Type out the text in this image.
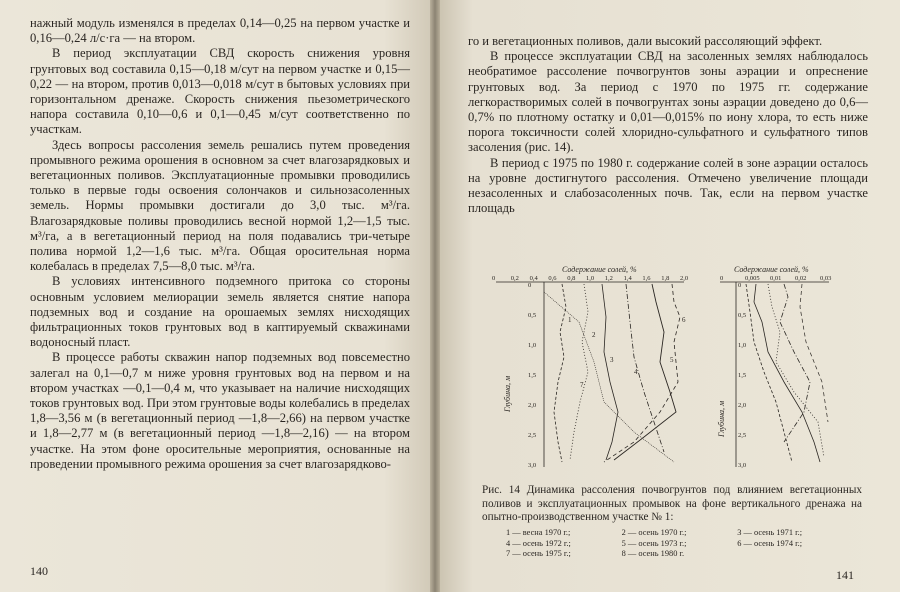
нажный модуль изменялся в пределах 0,14—0,25 на первом участке и 0,16—0,24 л/с·га — на втором.

В период эксплуатации СВД скорость снижения уровня грунтовых вод составила 0,15—0,18 м/сут на первом участке и 0,15—0,22 — на втором, против 0,013—0,018 м/сут в бытовых условиях при горизонтальном дренаже. Скорость снижения пьезометрического напора составила 0,10—0,6 и 0,1—0,45 м/сут соответственно по участкам.

Здесь вопросы рассоления земель решались путем проведения промывного режима орошения в основном за счет влагозарядковых и вегетационных поливов. Эксплуатационные промывки проводились только в первые годы освоения солончаков и сильнозасоленных земель. Нормы промывки достигали до 3,0 тыс. м³/га. Влагозарядковые поливы проводились весной нормой 1,2—1,5 тыс. м³/га, а в вегетационный период на поля подавались три-четыре полива нормой 1,2—1,6 тыс. м³/га. Общая оросительная норма колебалась в пределах 7,5—8,0 тыс. м³/га.

В условиях интенсивного подземного притока со стороны основным условием мелиорации земель является снятие напора подземных вод и создание на орошаемых землях нисходящих фильтрационных токов грунтовых вод в каптируемый скважинами водоносный пласт.

В процессе работы скважин напор подземных вод повсеместно залегал на 0,1—0,7 м ниже уровня грунтовых вод на первом и на втором участках —0,1—0,4 м, что указывает на наличие нисходящих токов грунтовых вод. При этом грунтовые воды колебались в пределах 1,8—3,56 м (в вегетационный период —1,8—2,66) на первом участке и 1,8—2,77 м (в вегетационный период —1,8—2,16) — на втором участке. На этом фоне оросительные мероприятия, основанные на проведении промывного режима орошения за счет влагозарядково-

140

го и вегетационных поливов, дали высокий рассоляющий эффект.

В процессе эксплуатации СВД на засоленных землях наблюдалось необратимое рассоление почвогрунтов зоны аэрации и опреснение грунтовых вод. За период с 1970 по 1975 гг. содержание легкорастворимых солей в почвогрунтах зоны аэрации доведено до 0,6—0,7% по плотному остатку и 0,01—0,015% по иону хлора, то есть ниже порога токсичности солей хлоридно-сульфатного и сульфатного типов засоления (рис. 14).

В период с 1975 по 1980 г. содержание солей в зоне аэрации осталось на уровне достигнутого рассоления. Отмечено увеличение площади незасоленных и слабозасоленных почв. Так, если на первом участке площадь

Содержание солей, %
0 0,2 0,4 0,6 0,8 1,0 1,2 1,4 1,6 1,8 2,0
0
0,5
1,0
1,5
2,0
2,5
3,0
Глубина, м
1
2
3
4
5
6
7
Содержание солей, %
0	0,005 0,01 0,02 0,03
0
0,5
1,0
1,5
2,0
2,5
3,0
Глубина, м
Рис. 14 Динамика рассоления почвогрунтов под влиянием вегетационных поливов и эксплуатационных промывок на фоне вертикального дренажа на опытно-производственном участке № 1:
1 — весна 1970 г.;	2 — осень 1970 г.;	3 — осень 1971 г.;
4 — осень 1972 г.;	5 — осень 1973 г.;	6 — осень 1974 г.;
7 — осень 1975 г.;	8 — осень 1980 г.
141
